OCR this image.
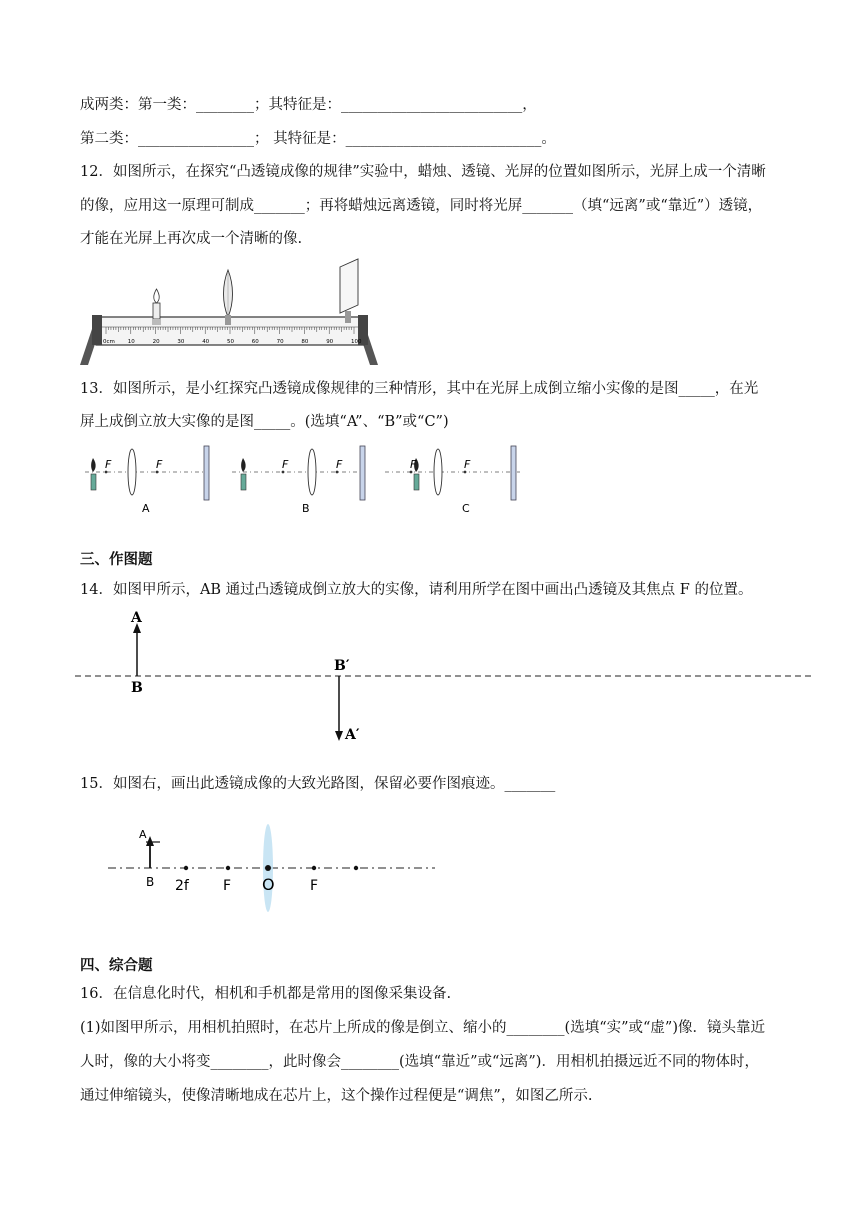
成两类：第一类：________；其特征是：_________________________，
第二类：________________； 其特征是：___________________________。
12．如图所示，在探究“凸透镜成像的规律”实验中，蜡烛、透镜、光屏的位置如图所示，光屏上成一个清晰
的像，应用这一原理可制成_______；再将蜡烛远离透镜，同时将光屏_______（填“远离”或“靠近”）透镜，
才能在光屏上再次成一个清晰的像.
0cm 10	20	30	40	50	60	70	80	90	100
13．如图所示，是小红探究凸透镜成像规律的三种情形，其中在光屏上成倒立缩小实像的是图_____，在光
屏上成倒立放大实像的是图_____。(选填“A”、“B”或“C”)
F	F
A
F	F
B
F	F
C
三、作图题
14．如图甲所示，AB 通过凸透镜成倒立放大的实像，请利用所学在图中画出凸透镜及其焦点 F 的位置。
A
B
B′
A′
15．如图右，画出此透镜成像的大致光路图，保留必要作图痕迹。_______
A
B 2f F O	F
四、综合题
16．在信息化时代，相机和手机都是常用的图像采集设备.
(1)如图甲所示，用相机拍照时，在芯片上所成的像是倒立、缩小的________(选填“实”或“虚”)像．镜头靠近
人时，像的大小将变________，此时像会________(选填“靠近”或“远离”)．用相机拍摄远近不同的物体时，
通过伸缩镜头，使像清晰地成在芯片上，这个操作过程便是“调焦”，如图乙所示.
